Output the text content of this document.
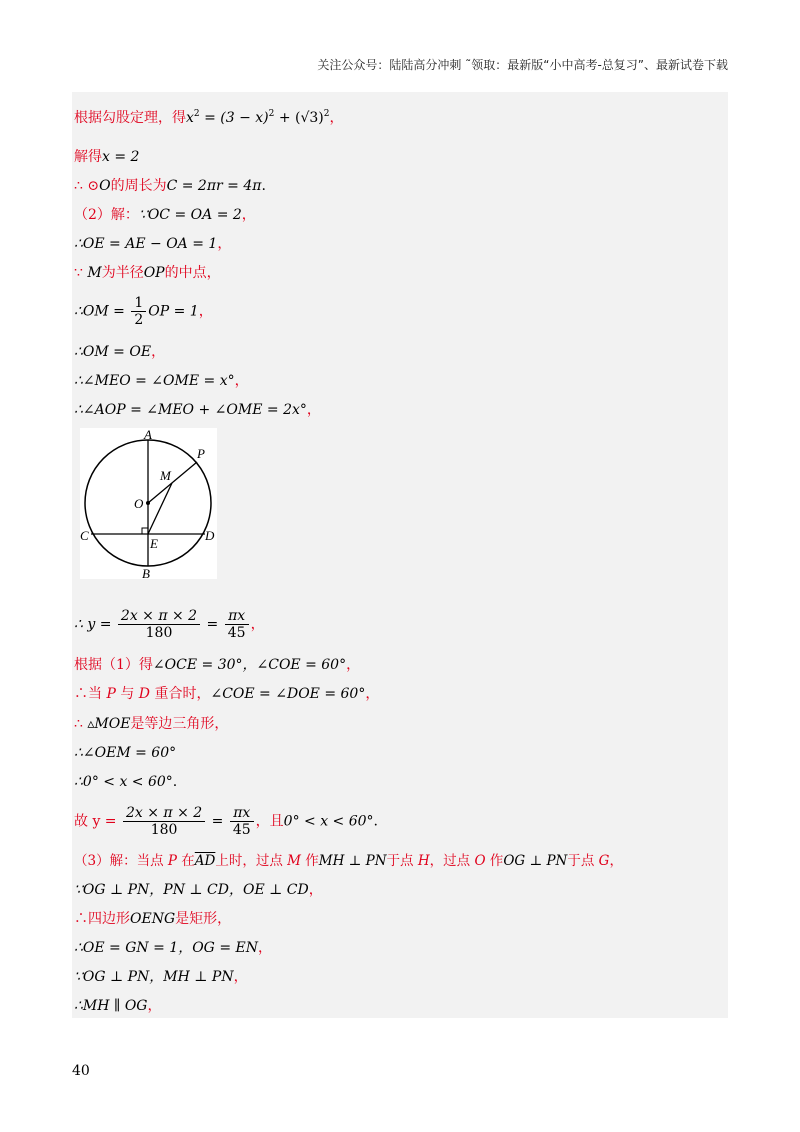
关注公众号：陆陆高分冲刺 ˜领取：最新版“小中高考-总复习”、最新试卷下载
根据勾股定理，得$x^2 = (3 - x)^2 + (√3)^2$，
解得x = 2
∴ ⊙O的周长为C = 2πr = 4π.
（2）解：∵OC = OA = 2，
∴OE = AE − OA = 1，
∵ M为半径OP的中点，
∴OM = $\frac{1}{2}$ OP = 1，
∴OM = OE，
∴∠MEO = ∠OME = x°，
∴∠AOP = ∠MEO + ∠OME = 2x°，
A
B
C	D
E
M
O
P
∴ $y = \frac{2x \times \pi \times 2}{180} = \frac{\pi x}{45}$ ，
根据（1）得∠OCE = 30°，∠COE = 60°，
∴当 P 与 D 重合时，∠COE = ∠DOE = 60°，
∴ ▵MOE是等边三角形，
∴∠OEM = 60°
∴0° < x < 60°.
故 $y = \frac{2x \times \pi \times 2}{180} = \frac{\pi x}{45}$ ，且0° < x < 60°.
（3）解：当点 P 在$\overline{AD}$上时，过点 M 作MH ⊥ PN于点 H，过点 O 作OG ⊥ PN于点 G，
∵OG ⊥ PN，PN ⊥ CD，OE ⊥ CD，
∴四边形OENG是矩形，
∴OE = GN = 1，OG = EN，
∵OG ⊥ PN，MH ⊥ PN，
∴MH ∥ OG，
40
